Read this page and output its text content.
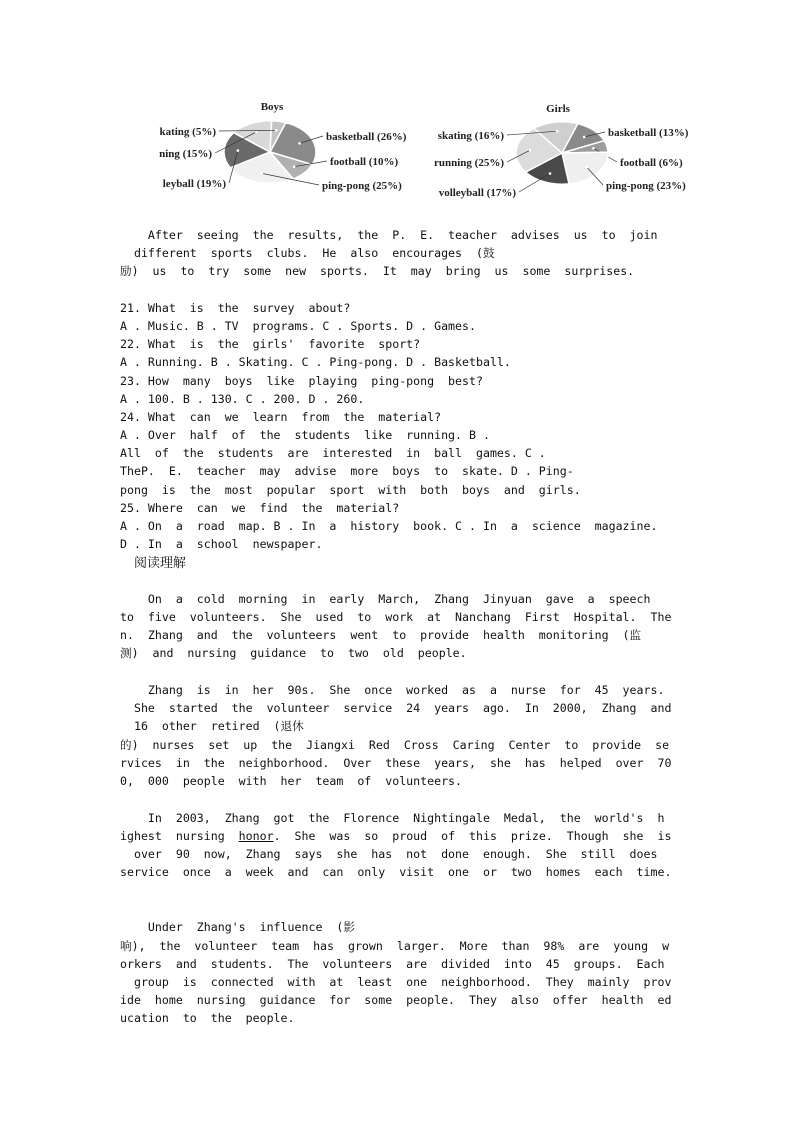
Boys
basketball (26%)
football (10%)
ping-pong (25%)
leyball (19%)
ning (15%)
kating (5%)
Girls
basketball (13%)
football (6%)
ping-pong (23%)
volleyball (17%)
running (25%)
skating (16%)
After  seeing  the  results,  the  P.  E.  teacher  advises  us  to  join
different  sports  clubs.  He  also  encourages  (鼓
励)  us  to  try  some  new  sports.  It  may  bring  us  some  surprises.
21. What  is  the  survey  about?
A . Music. B . TV  programs. C . Sports. D . Games.
22. What  is  the  girls'  favorite  sport?
A . Running. B . Skating. C . Ping-pong. D . Basketball.
23. How  many  boys  like  playing  ping-pong  best?
A . 100. B . 130. C . 200. D . 260.
24. What  can  we  learn  from  the  material?
A . Over  half  of  the  students  like  running. B .
All  of  the  students  are  interested  in  ball  games. C .
TheP.  E.  teacher  may  advise  more  boys  to  skate. D . Ping-
pong  is  the  most  popular  sport  with  both  boys  and  girls.
25. Where  can  we  find  the  material?
A . On  a  road  map. B . In  a  history  book. C . In  a  science  magazine.
D . In  a  school  newspaper.
阅读理解
On  a  cold  morning  in  early  March,  Zhang  Jinyuan  gave  a  speech
to  five  volunteers.  She  used  to  work  at  Nanchang  First  Hospital.  The
n.  Zhang  and  the  volunteers  went  to  provide  health  monitoring  (监
测)  and  nursing  guidance  to  two  old  people.
Zhang  is  in  her  90s.  She  once  worked  as  a  nurse  for  45  years.
She  started  the  volunteer  service  24  years  ago.  In  2000,  Zhang  and
16  other  retired  (退休
的)  nurses  set  up  the  Jiangxi  Red  Cross  Caring  Center  to  provide  se
rvices  in  the  neighborhood.  Over  these  years,  she  has  helped  over  70
0,  000  people  with  her  team  of  volunteers.
In  2003,  Zhang  got  the  Florence  Nightingale  Medal,  the  world's  h
ighest  nursing  honor.  She  was  so  proud  of  this  prize.  Though  she  is
over  90  now,  Zhang  says  she  has  not  done  enough.  She  still  does
service  once  a  week  and  can  only  visit  one  or  two  homes  each  time.
Under  Zhang's  influence  (影
响),  the  volunteer  team  has  grown  larger.  More  than  98%  are  young  w
orkers  and  students.  The  volunteers  are  divided  into  45  groups.  Each
group  is  connected  with  at  least  one  neighborhood.  They  mainly  prov
ide  home  nursing  guidance  for  some  people.  They  also  offer  health  ed
ucation  to  the  people.
